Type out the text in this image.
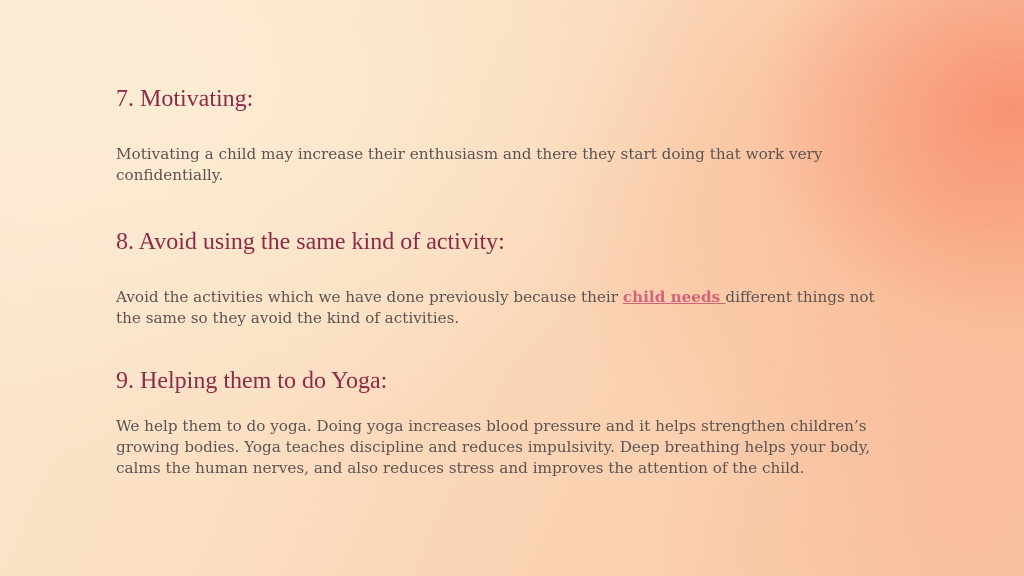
7. Motivating:

Motivating a child may increase their enthusiasm and there they start doing that work very confidentially.

8. Avoid using the same kind of activity:

Avoid the activities which we have done previously because their child needs different things not the same so they avoid the kind of activities.

9. Helping them to do Yoga:

We help them to do yoga. Doing yoga increases blood pressure and it helps strengthen children’s growing bodies. Yoga teaches discipline and reduces impulsivity. Deep breathing helps your body, calms the human nerves, and also reduces stress and improves the attention of the child.
